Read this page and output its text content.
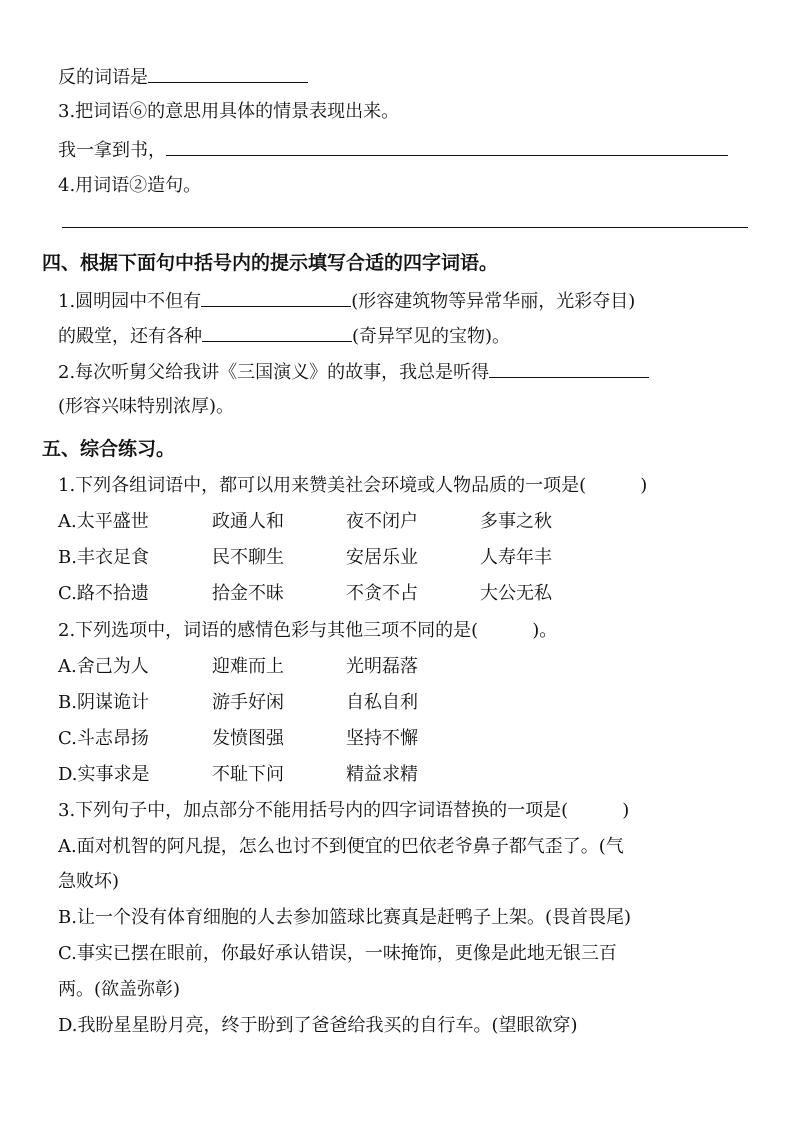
反的词语是
3.把词语⑥的意思用具体的情景表现出来。
我一拿到书，
4.用词语②造句。
四、根据下面句中括号内的提示填写合适的四字词语。
1.圆明园中不但有	(形容建筑物等异常华丽，光彩夺目)
的殿堂，还有各种	(奇异罕见的宝物)。
2.每次听舅父给我讲《三国演义》的故事，我总是听得
(形容兴味特别浓厚)。
五、综合练习。
1.下列各组词语中，都可以用来赞美社会环境或人物品质的一项是(　　　)
A.太平盛世	政通人和	夜不闭户	多事之秋
B.丰衣足食	民不聊生	安居乐业	人寿年丰
C.路不拾遗	拾金不昧	不贪不占	大公无私
2.下列选项中，词语的感情色彩与其他三项不同的是(　　　)。
A.舍己为人	迎难而上	光明磊落
B.阴谋诡计	游手好闲	自私自利
C.斗志昂扬	发愤图强	坚持不懈
D.实事求是	不耻下问	精益求精
3.下列句子中，加点部分不能用括号内的四字词语替换的一项是(　　　)
A.面对机智的阿凡提，怎么也讨不到便宜的巴依老爷鼻子都气歪了。(气
急败坏)
B.让一个没有体育细胞的人去参加篮球比赛真是赶鸭子上架。(畏首畏尾)
C.事实已摆在眼前，你最好承认错误，一味掩饰，更像是此地无银三百
两。(欲盖弥彰)
D.我盼星星盼月亮，终于盼到了爸爸给我买的自行车。(望眼欲穿)
